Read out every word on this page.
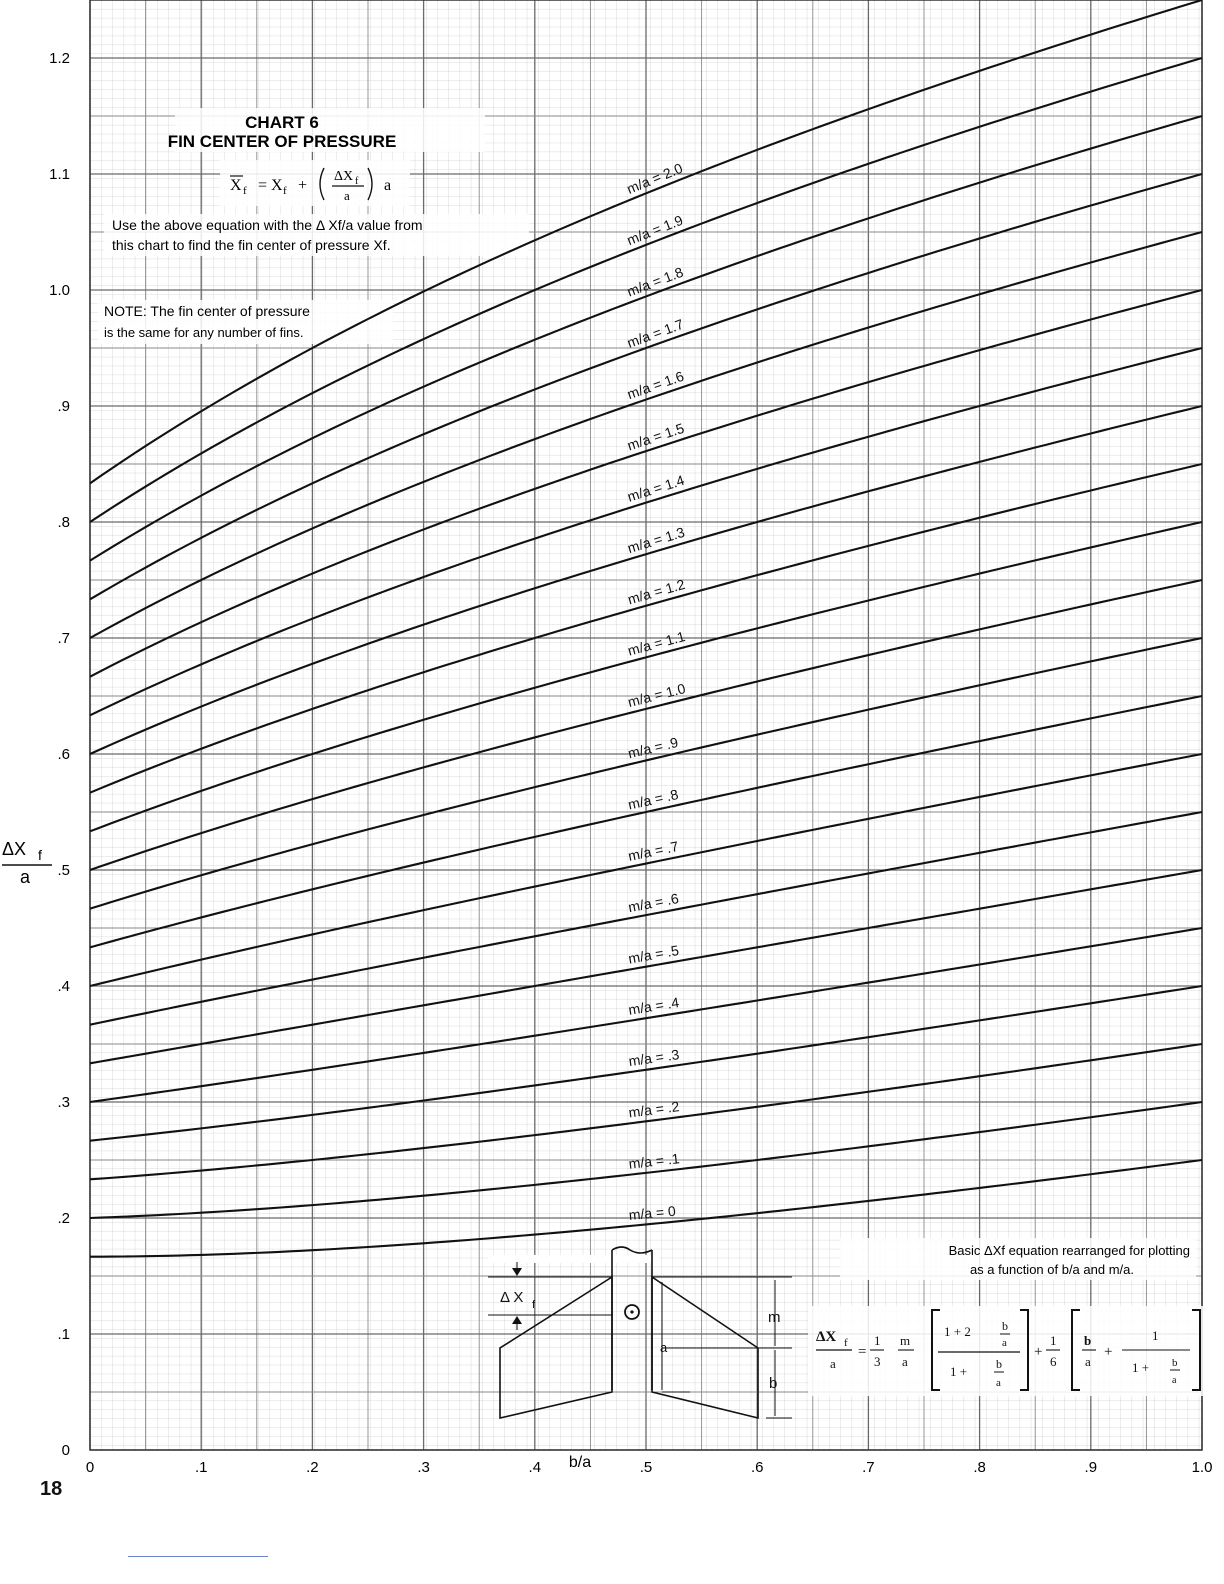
m/a = 0
m/a = .1
m/a = .2
m/a = .3
m/a = .4
m/a = .5
m/a = .6
m/a = .7
m/a = .8
m/a = .9
m/a = 1.0
m/a = 1.1
m/a = 1.2
m/a = 1.3
m/a = 1.4
m/a = 1.5
m/a = 1.6
m/a = 1.7
m/a = 1.8
m/a = 1.9
m/a = 2.0
0	.1	.2	.3	.4	.5	.6	.7	.8	.9	1.0
0
.1
.2
.3
.4
.5
.6
.7
.8
.9
1.0
1.1
1.2
b/a
ΔX f
a
CHART 6
FIN CENTER OF PRESSURE
X f = X f +
ΔX f
a
a
Use the above equation with the Δ Xf/a value from
this chart to find the fin center of pressure Xf.
NOTE: The fin center of pressure
is the same for any number of fins.
Δ X f
m
a
b
Basic ΔXf equation rearranged for plotting
as a function of b/a and m/a.
ΔX f
a
=
1
3
m
a
1 + 2	b
a
1 + b
a
+
1
6
b
a
+
1
1 + b
a
18
